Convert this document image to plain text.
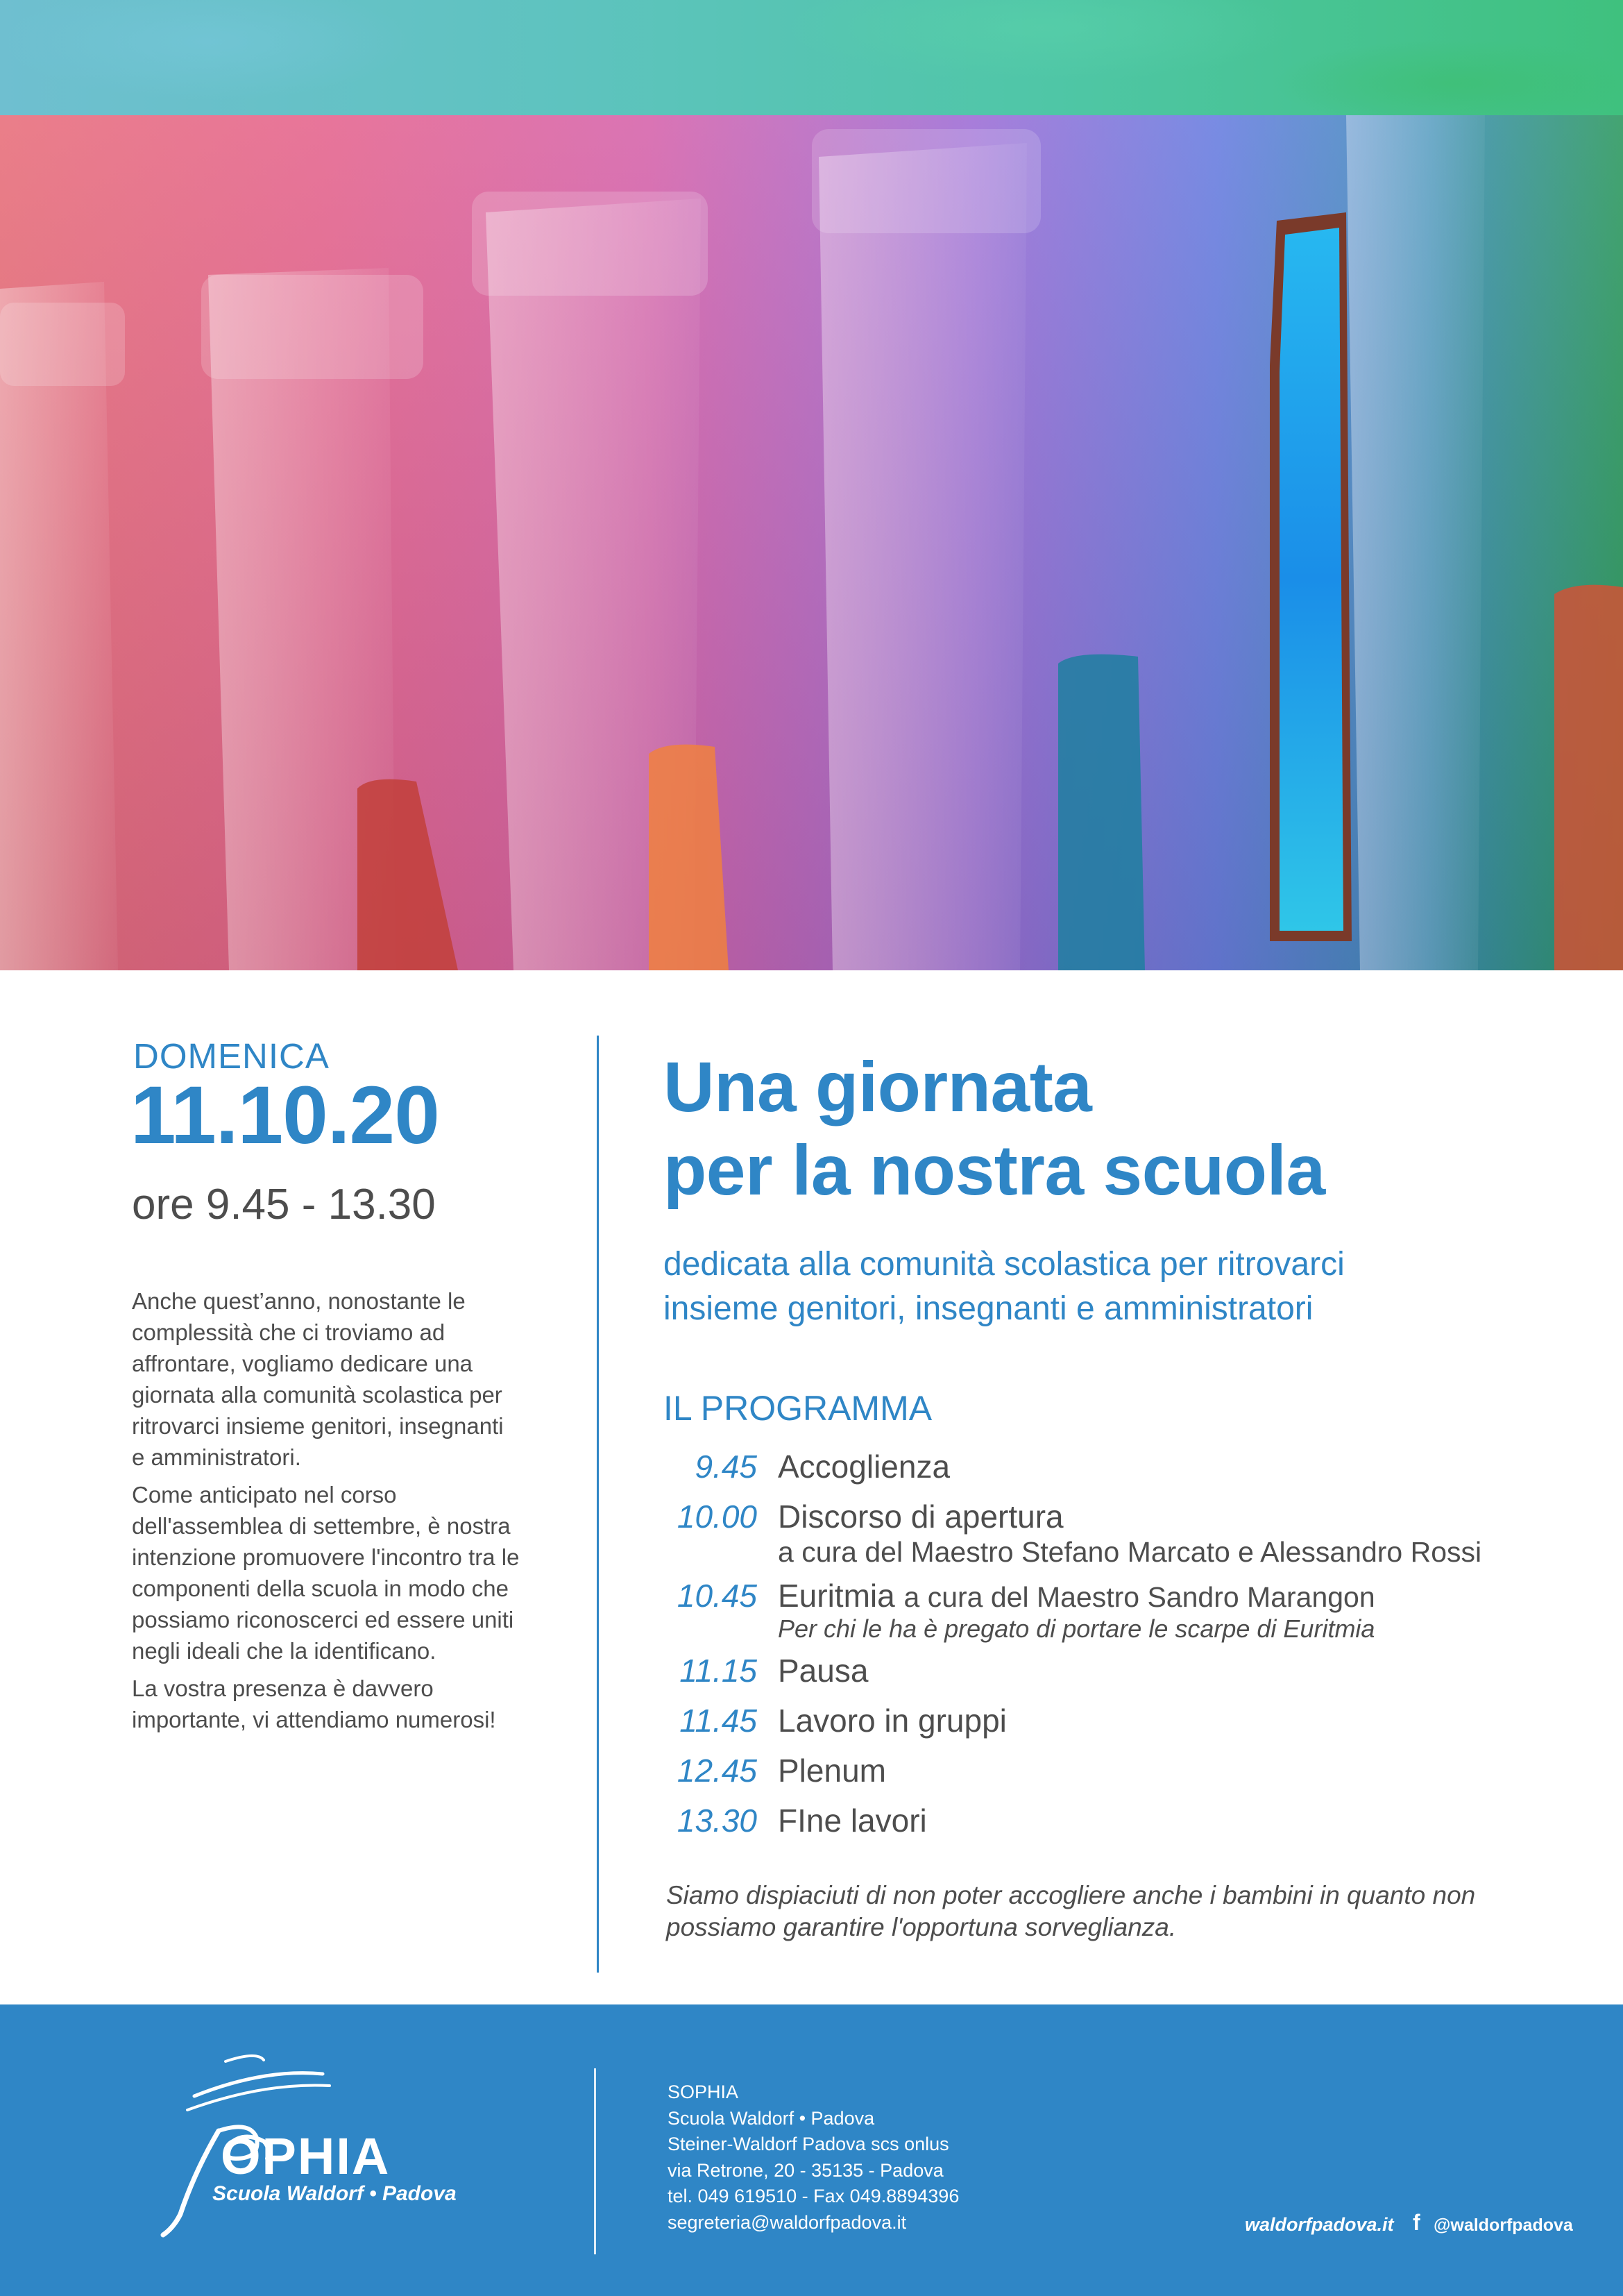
DOMENICA
11.10.20
ore 9.45 - 13.30

Anche quest’anno, nonostante le complessità che ci troviamo ad affrontare, vogliamo dedicare una giornata alla comunità scolastica per ritrovarci insieme genitori, insegnanti e amministratori.

Come anticipato nel corso dell'assemblea di settembre, è nostra intenzione promuovere l'incontro tra le componenti della scuola in modo che possiamo riconoscerci ed essere uniti negli ideali che la identificano.

La vostra presenza è davvero importante, vi attendiamo numerosi!

Una giornata
per la nostra scuola
dedicata alla comunità scolastica per ritrovarci
insieme genitori, insegnanti e amministratori
IL PROGRAMMA
9.45 Accoglienza
10.00 Discorso di apertura
a cura del Maestro Stefano Marcato e Alessandro Rossi
10.45 Euritmia a cura del Maestro Sandro Marangon
Per chi le ha è pregato di portare le scarpe di Euritmia
11.15 Pausa
11.45 Lavoro in gruppi
12.45 Plenum
13.30 FIne lavori
Siamo dispiaciuti di non poter accogliere anche i bambini in quanto non possiamo garantire l'opportuna sorveglianza.
OPHIA
Scuola Waldorf • Padova
SOPHIA
Scuola Waldorf • Padova
Steiner-Waldorf Padova scs onlus
via Retrone, 20 - 35135 - Padova
tel. 049 619510 - Fax 049.8894396
segreteria@waldorfpadova.it	waldorfpadova.it f @waldorfpadova
